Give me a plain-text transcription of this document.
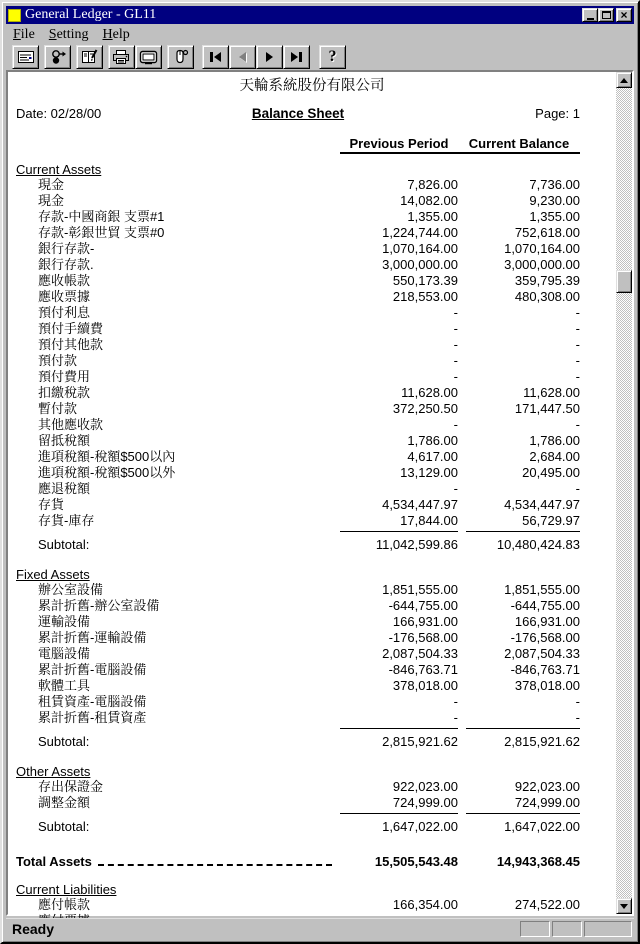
General Ledger - GL11	×
File	Setting	Help
?
天輪系統股份有限公司
Date: 02/28/00	Balance Sheet	Page: 1
Previous Period	Current Balance
Current Assets
現金	7,826.00	7,736.00
現金	14,082.00	9,230.00
存款-中國商銀 支票#1	1,355.00	1,355.00
存款-彰銀世貿 支票#0	1,224,744.00	752,618.00
銀行存款-	1,070,164.00	1,070,164.00
銀行存款.	3,000,000.00	3,000,000.00
應收帳款	550,173.39	359,795.39
應收票據	218,553.00	480,308.00
預付利息	-	-
預付手續費	-	-
預付其他款	-	-
預付款	-	-
預付費用	-	-
扣繳稅款	11,628.00	11,628.00
暫付款	372,250.50	171,447.50
其他應收款	-	-
留抵稅額	1,786.00	1,786.00
進項稅額-稅額$500以內	4,617.00	2,684.00
進項稅額-稅額$500以外	13,129.00	20,495.00
應退稅額	-	-
存貨	4,534,447.97	4,534,447.97
存貨-庫存	17,844.00	56,729.97
Subtotal:	11,042,599.86	10,480,424.83
Fixed Assets
辦公室設備	1,851,555.00	1,851,555.00
累計折舊-辦公室設備	-644,755.00	-644,755.00
運輸設備	166,931.00	166,931.00
累計折舊-運輸設備	-176,568.00	-176,568.00
電腦設備	2,087,504.33	2,087,504.33
累計折舊-電腦設備	-846,763.71	-846,763.71
軟體工具	378,018.00	378,018.00
租賃資產-電腦設備	-	-
累計折舊-租賃資產	-	-
Subtotal:	2,815,921.62	2,815,921.62
Other Assets
存出保證金	922,023.00	922,023.00
調整金額	724,999.00	724,999.00
Subtotal:	1,647,022.00	1,647,022.00
Total Assets	15,505,543.48	14,943,368.45
Current Liabilities
應付帳款	166,354.00	274,522.00
Ready
